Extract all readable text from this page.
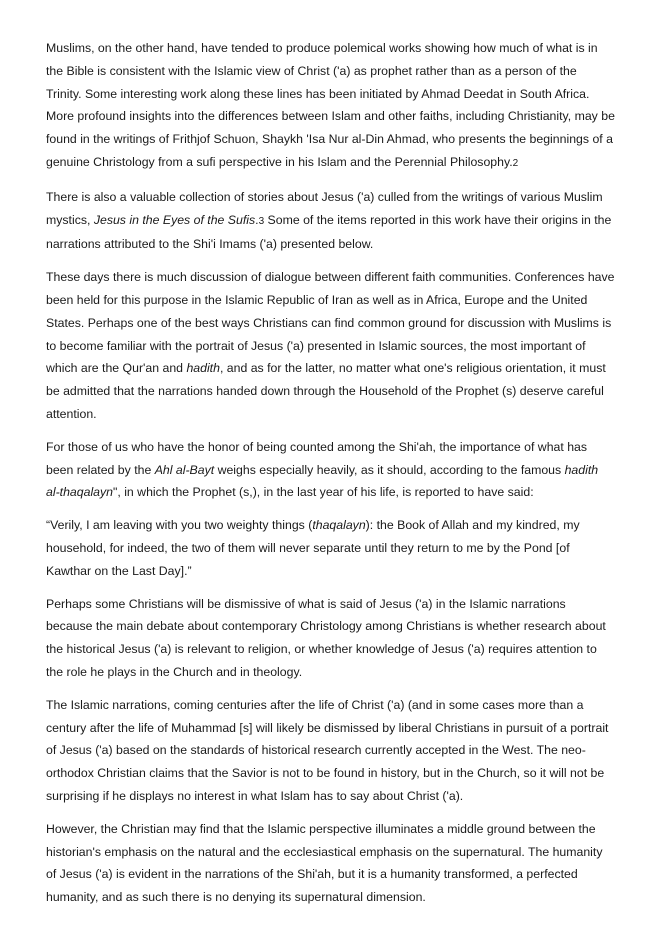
Muslims, on the other hand, have tended to produce polemical works showing how much of what is in the Bible is consistent with the Islamic view of Christ ('a) as prophet rather than as a person of the Trinity. Some interesting work along these lines has been initiated by Ahmad Deedat in South Africa. More profound insights into the differences between Islam and other faiths, including Christianity, may be found in the writings of Frithjof Schuon, Shaykh 'Isa Nur al-Din Ahmad, who presents the beginnings of a genuine Christology from a sufi perspective in his Islam and the Perennial Philosophy.2

There is also a valuable collection of stories about Jesus ('a) culled from the writings of various Muslim mystics, Jesus in the Eyes of the Sufis.3 Some of the items reported in this work have their origins in the narrations attributed to the Shi'i Imams ('a) presented below.

These days there is much discussion of dialogue between different faith communities. Conferences have been held for this purpose in the Islamic Republic of Iran as well as in Africa, Europe and the United States. Perhaps one of the best ways Christians can find common ground for discussion with Muslims is to become familiar with the portrait of Jesus ('a) presented in Islamic sources, the most important of which are the Qur'an and hadith, and as for the latter, no matter what one's religious orientation, it must be admitted that the narrations handed down through the Household of the Prophet (s) deserve careful attention.

For those of us who have the honor of being counted among the Shi'ah, the importance of what has been related by the Ahl al-Bayt weighs especially heavily, as it should, according to the famous hadith al-thaqalayn", in which the Prophet (s,), in the last year of his life, is reported to have said:

“Verily, I am leaving with you two weighty things (thaqalayn): the Book of Allah and my kindred, my household, for indeed, the two of them will never separate until they return to me by the Pond [of Kawthar on the Last Day].”

Perhaps some Christians will be dismissive of what is said of Jesus ('a) in the Islamic narrations because the main debate about contemporary Christology among Christians is whether research about the historical Jesus ('a) is relevant to religion, or whether knowledge of Jesus ('a) requires attention to the role he plays in the Church and in theology.

The Islamic narrations, coming centuries after the life of Christ ('a) (and in some cases more than a century after the life of Muhammad [s] will likely be dismissed by liberal Christians in pursuit of a portrait of Jesus ('a) based on the standards of historical research currently accepted in the West. The neo-orthodox Christian claims that the Savior is not to be found in history, but in the Church, so it will not be surprising if he displays no interest in what Islam has to say about Christ ('a).

However, the Christian may find that the Islamic perspective illuminates a middle ground between the historian's emphasis on the natural and the ecclesiastical emphasis on the supernatural. The humanity of Jesus ('a) is evident in the narrations of the Shi'ah, but it is a humanity transformed, a perfected humanity, and as such there is no denying its supernatural dimension.
